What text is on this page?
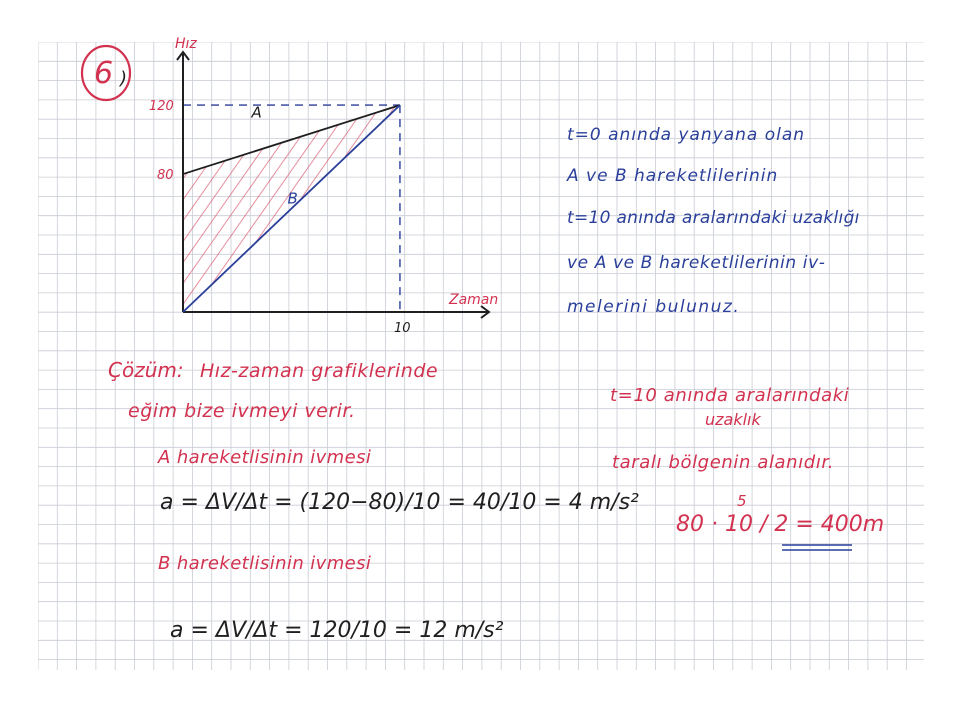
6 )
Hız
Zaman
120
80
10
A
B
t=0 anında yanyana olan
A ve B hareketlilerinin
t=10 anında aralarındaki uzaklığı
ve A ve B hareketlilerinin iv-
melerini bulunuz.
Çözüm: Hız-zaman grafiklerinde
eğim bize ivmeyi verir.
A hareketlisinin ivmesi
a = ΔV/Δt = (120−80)/10 = 40/10 = 4 m/s²
B hareketlisinin ivmesi
a = ΔV/Δt = 120/10 = 12 m/s²
t=10 anında aralarındaki
uzaklık
taralı bölgenin alanıdır.
5
80 · 10 / 2 = 400m
